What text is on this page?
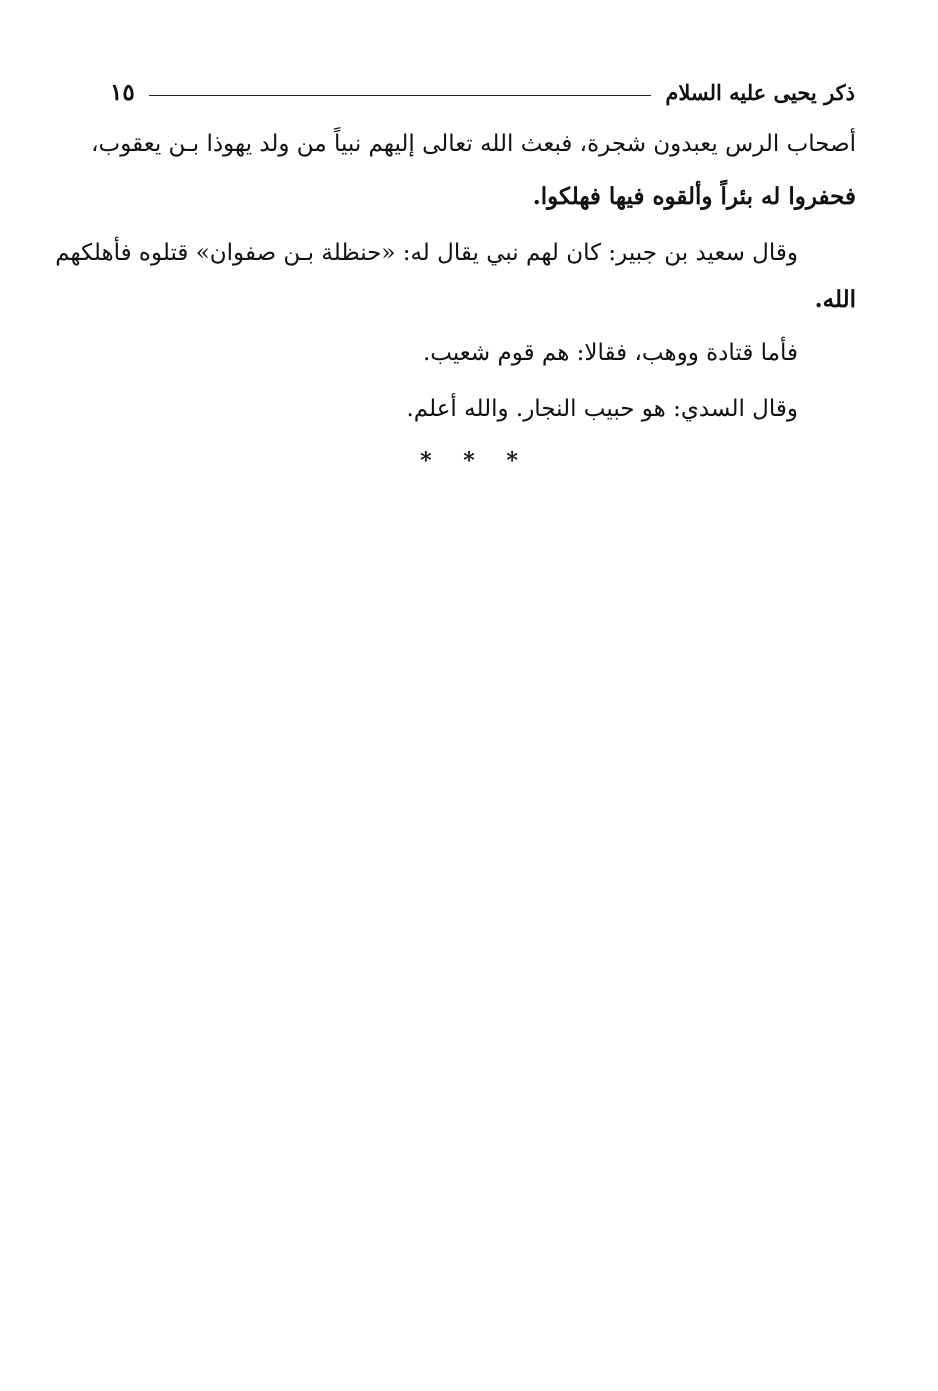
ذكر يحيى عليه السلام
١٥
أصحاب الرس يعبدون شجرة، فبعث الله تعالى إليهم نبياً من ولد يهوذا بـن يعقوب،
فحفروا له بئراً وألقوه فيها فهلكوا.
وقال سعيد بن جبير: كان لهم نبي يقال له: «حنظلة بـن صفوان» قتلوه فأهلكهم
الله.
فأما قتادة ووهب، فقالا: هم قوم شعيب.
وقال السدي: هو حبيب النجار. والله أعلم.
* * *
